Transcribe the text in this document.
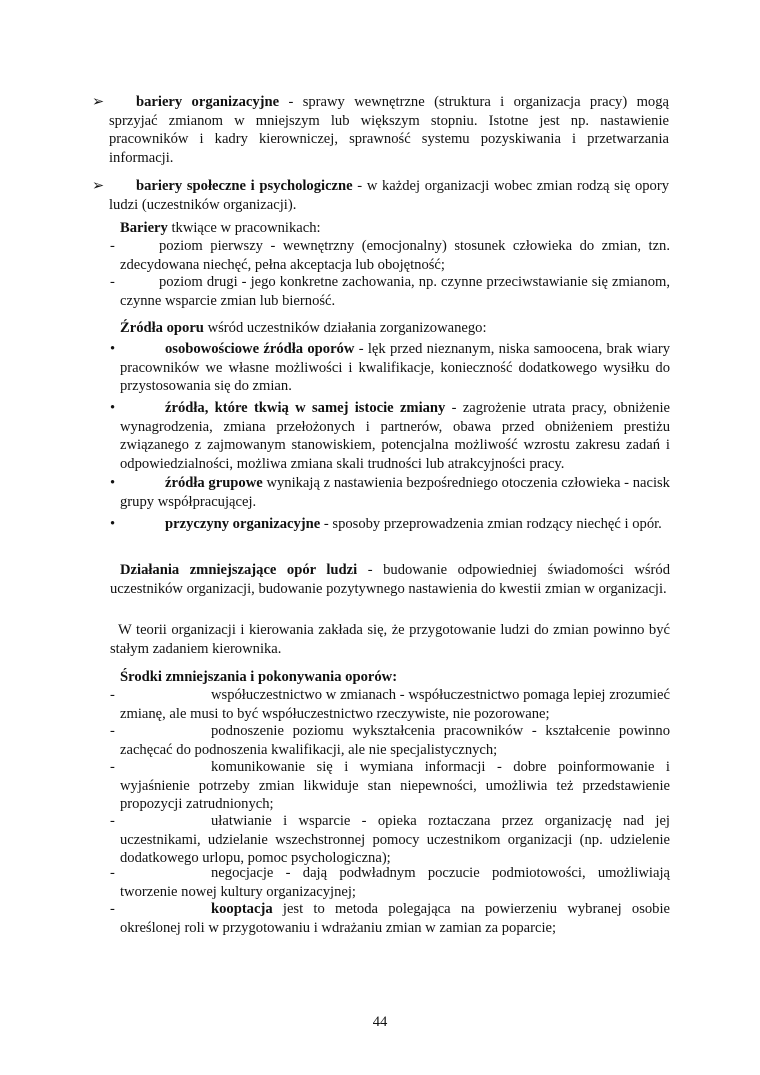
➢	bariery organizacyjne - sprawy wewnętrzne (struktura i organizacja pracy) mogą sprzyjać zmianom w mniejszym lub większym stopniu. Istotne jest np. nastawienie pracowników i kadry kierowniczej, sprawność systemu pozyskiwania i przetwarzania informacji.

➢	bariery społeczne i psychologiczne - w każdej organizacji wobec zmian rodzą się opory ludzi (uczestników organizacji).

Bariery tkwiące w pracownikach:

-	poziom pierwszy - wewnętrzny (emocjonalny) stosunek człowieka do zmian, tzn. zdecydowana niechęć, pełna akceptacja lub obojętność;

-	poziom drugi - jego konkretne zachowania, np. czynne przeciwstawianie się zmianom, czynne wsparcie zmian lub bierność.

Źródła oporu wśród uczestników działania zorganizowanego:

•	osobowościowe źródła oporów - lęk przed nieznanym, niska samoocena, brak wiary pracowników we własne możliwości i kwalifikacje, konieczność dodatkowego wysiłku do przystosowania się do zmian.

•	źródła, które tkwią w samej istocie zmiany - zagrożenie utrata pracy, obniżenie wynagrodzenia, zmiana przełożonych i partnerów, obawa przed obniżeniem prestiżu związanego z zajmowanym stanowiskiem, potencjalna możliwość wzrostu zakresu zadań i odpowiedzialności, możliwa zmiana skali trudności lub atrakcyjności pracy.

•	źródła grupowe wynikają z nastawienia bezpośredniego otoczenia człowieka - nacisk grupy współpracującej.

•	przyczyny organizacyjne - sposoby przeprowadzenia zmian rodzący niechęć i opór.

Działania zmniejszające opór ludzi - budowanie odpowiedniej świadomości wśród uczestników organizacji, budowanie pozytywnego nastawienia do kwestii zmian w organizacji.

W teorii organizacji i kierowania zakłada się, że przygotowanie ludzi do zmian powinno być stałym zadaniem kierownika.

Środki zmniejszania i pokonywania oporów:

-	współuczestnictwo w zmianach - współuczestnictwo pomaga lepiej zrozumieć zmianę, ale musi to być współuczestnictwo rzeczywiste, nie pozorowane;

-	podnoszenie poziomu wykształcenia pracowników - kształcenie powinno zachęcać do podnoszenia kwalifikacji, ale nie specjalistycznych;

-	komunikowanie się i wymiana informacji - dobre poinformowanie i wyjaśnienie potrzeby zmian likwiduje stan niepewności, umożliwia też przedstawienie propozycji zatrudnionych;

-	ułatwianie i wsparcie - opieka roztaczana przez organizację nad jej uczestnikami, udzielanie wszechstronnej pomocy uczestnikom organizacji (np. udzielenie dodatkowego urlopu, pomoc psychologiczna);

-	negocjacje - dają podwładnym poczucie podmiotowości, umożliwiają tworzenie nowej kultury organizacyjnej;

-	kooptacja jest to metoda polegająca na powierzeniu wybranej osobie określonej roli w przygotowaniu i wdrażaniu zmian w zamian za poparcie;

44
